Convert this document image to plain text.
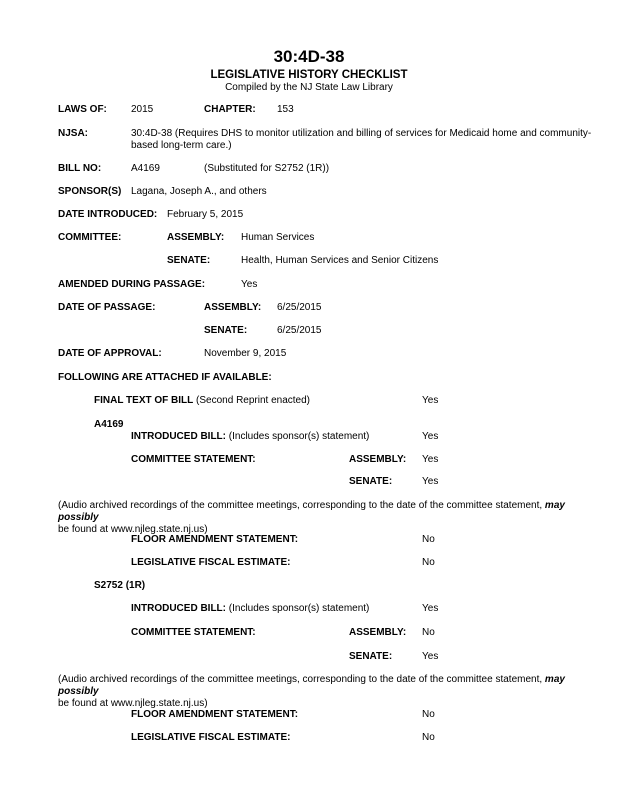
30:4D-38
LEGISLATIVE HISTORY CHECKLIST
Compiled by the NJ State Law Library
LAWS OF: 2015	CHAPTER: 153
NJSA:	30:4D-38 (Requires DHS to monitor utilization and billing of services for Medicaid home and community-based long-term care.)
BILL NO:	A4169	(Substituted for S2752 (1R))
SPONSOR(S) Lagana, Joseph A., and others
DATE INTRODUCED: February 5, 2015
COMMITTEE:	ASSEMBLY: Human Services
SENATE:	Health, Human Services and Senior Citizens
AMENDED DURING PASSAGE:	Yes
DATE OF PASSAGE:	ASSEMBLY: 6/25/2015
SENATE:	6/25/2015
DATE OF APPROVAL:	November 9, 2015
FOLLOWING ARE ATTACHED IF AVAILABLE:
FINAL TEXT OF BILL (Second Reprint enacted)	Yes
A4169
INTRODUCED BILL: (Includes sponsor(s) statement)	Yes
COMMITTEE STATEMENT:	ASSEMBLY: Yes
SENATE:	Yes
(Audio archived recordings of the committee meetings, corresponding to the date of the committee statement, may possibly
be found at www.njleg.state.nj.us)
FLOOR AMENDMENT STATEMENT:	No
LEGISLATIVE FISCAL ESTIMATE:	No
S2752 (1R)
INTRODUCED BILL: (Includes sponsor(s) statement)	Yes
COMMITTEE STATEMENT:	ASSEMBLY: No
SENATE:	Yes
(Audio archived recordings of the committee meetings, corresponding to the date of the committee statement, may possibly
be found at www.njleg.state.nj.us)
FLOOR AMENDMENT STATEMENT:	No
LEGISLATIVE FISCAL ESTIMATE:	No
